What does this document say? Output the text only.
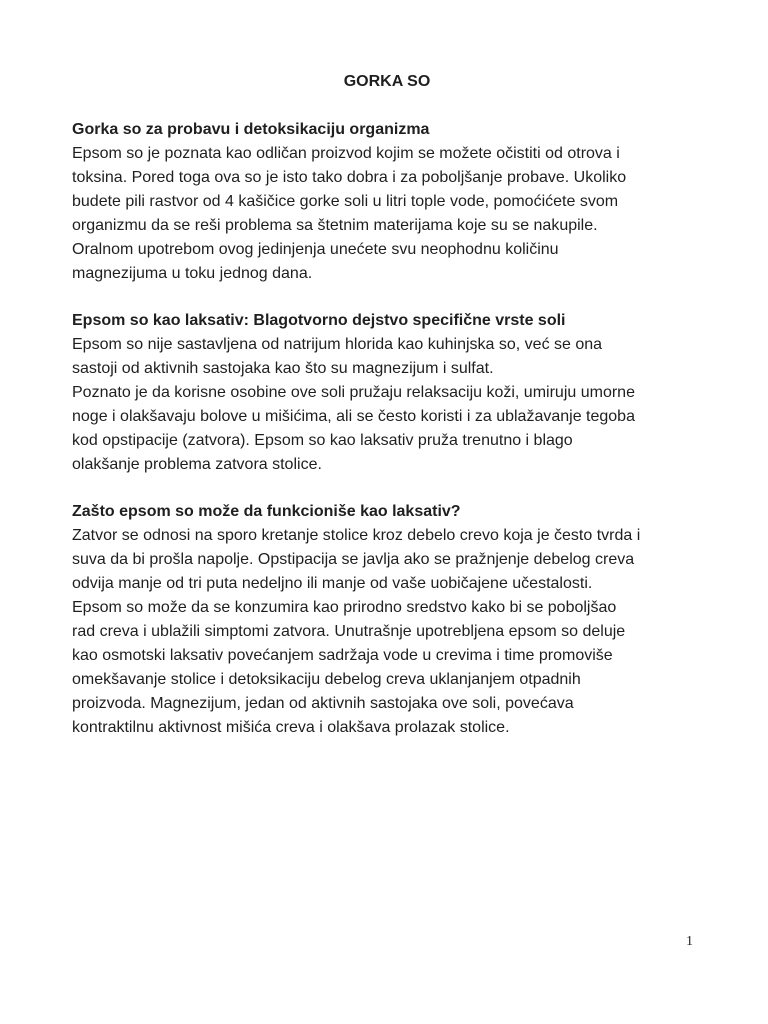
GORKA SO

Gorka so za probavu i detoksikaciju organizma

Epsom so je poznata kao odličan proizvod kojim se možete očistiti od otrova i

toksina. Pored toga ova so je isto tako dobra i za poboljšanje probave. Ukoliko

budete pili rastvor od 4 kašičice gorke soli u litri tople vode, pomoćićete svom

organizmu da se reši problema sa štetnim materijama koje su se nakupile.

Oralnom upotrebom ovog jedinjenja unećete svu neophodnu količinu

magnezijuma u toku jednog dana.

Epsom so kao laksativ: Blagotvorno dejstvo specifične vrste soli

Epsom so nije sastavljena od natrijum hlorida kao kuhinjska so, već se ona

sastoji od aktivnih sastojaka kao što su magnezijum i sulfat.

Poznato je da korisne osobine ove soli pružaju relaksaciju koži, umiruju umorne

noge i olakšavaju bolove u mišićima, ali se često koristi i za ublažavanje tegoba

kod opstipacije (zatvora). Epsom so kao laksativ pruža trenutno i blago

olakšanje problema zatvora stolice.

Zašto epsom so može da funkcioniše kao laksativ?

Zatvor se odnosi na sporo kretanje stolice kroz debelo crevo koja je često tvrda i

suva da bi prošla napolje. Opstipacija se javlja ako se pražnjenje debelog creva

odvija manje od tri puta nedeljno ili manje od vaše uobičajene učestalosti.

Epsom so može da se konzumira kao prirodno sredstvo kako bi se poboljšao

rad creva i ublažili simptomi zatvora. Unutrašnje upotrebljena epsom so deluje

kao osmotski laksativ povećanjem sadržaja vode u crevima i time promoviše

omekšavanje stolice i detoksikaciju debelog creva uklanjanjem otpadnih

proizvoda. Magnezijum, jedan od aktivnih sastojaka ove soli, povećava

kontraktilnu aktivnost mišića creva i olakšava prolazak stolice.

1
